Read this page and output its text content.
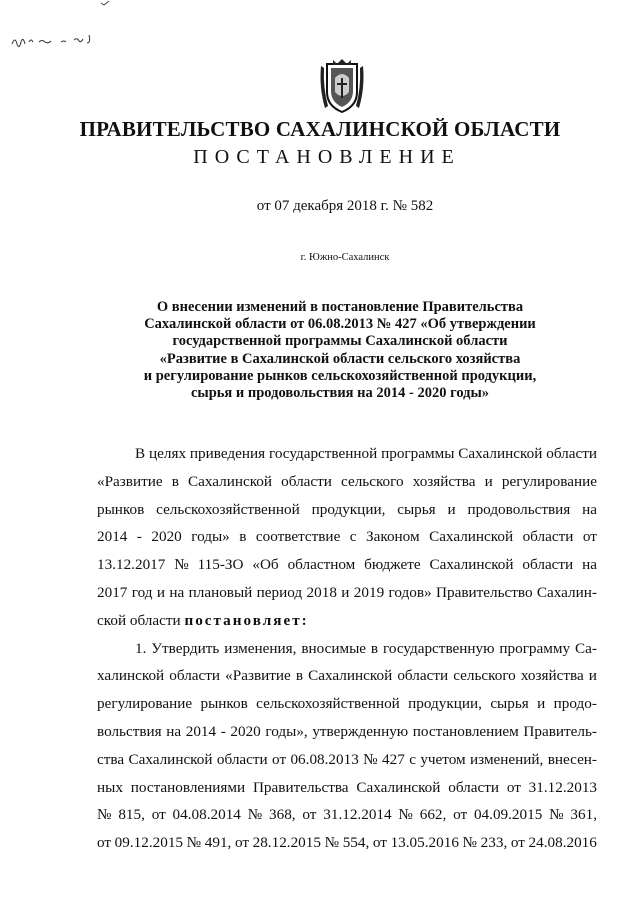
ПРАВИТЕЛЬСТВО САХАЛИНСКОЙ ОБЛАСТИ
ПОСТАНОВЛЕНИЕ
от 07 декабря 2018 г. № 582
г. Южно-Сахалинск
О внесении изменений в постановление Правительства
Сахалинской области от 06.08.2013 № 427 «Об утверждении
государственной программы Сахалинской области
«Развитие в Сахалинской области сельского хозяйства
и регулирование рынков сельскохозяйственной продукции,
сырья и продовольствия на 2014 - 2020 годы»
В целях приведения государственной программы Сахалинской области
«Развитие в Сахалинской области сельского хозяйства и регулирование
рынков сельскохозяйственной продукции, сырья и продовольствия на
2014 - 2020 годы» в соответствие с Законом Сахалинской области от
13.12.2017 № 115-ЗО «Об областном бюджете Сахалинской области на
2017 год и на плановый период 2018 и 2019 годов» Правительство Сахалин-
ской области постановляет:
1. Утвердить изменения, вносимые в государственную программу Са-
халинской области «Развитие в Сахалинской области сельского хозяйства и
регулирование рынков сельскохозяйственной продукции, сырья и продо-
вольствия на 2014 - 2020 годы», утвержденную постановлением Правитель-
ства Сахалинской области от 06.08.2013 № 427 с учетом изменений, внесен-
ных постановлениями Правительства Сахалинской области от 31.12.2013
№ 815, от 04.08.2014 № 368, от 31.12.2014 № 662, от 04.09.2015 № 361,
от 09.12.2015 № 491, от 28.12.2015 № 554, от 13.05.2016 № 233, от 24.08.2016
